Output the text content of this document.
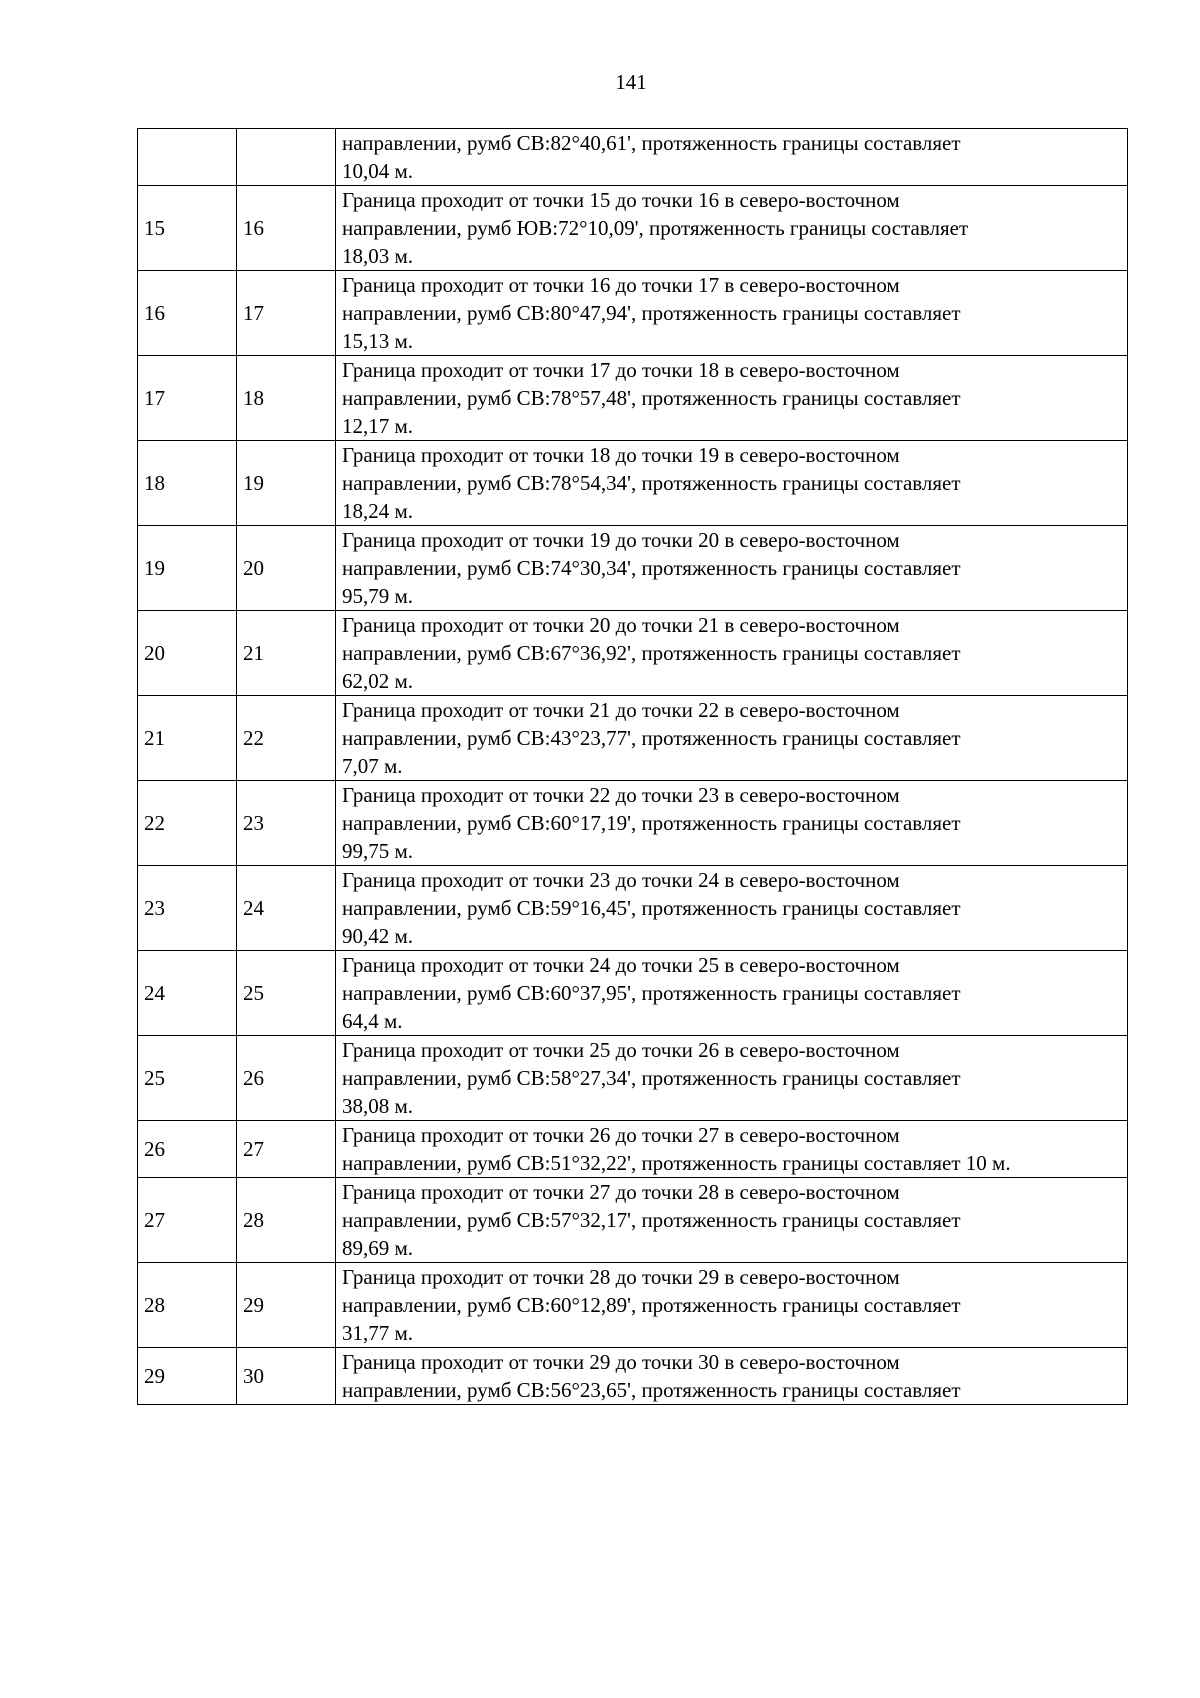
141

		направлении, румб СВ:82°40,61', протяженность границы составляет
10,04 м.

15	16	Граница проходит от точки 15 до точки 16 в северо-восточном
направлении, румб ЮВ:72°10,09', протяженность границы составляет
18,03 м.

16	17	Граница проходит от точки 16 до точки 17 в северо-восточном
направлении, румб СВ:80°47,94', протяженность границы составляет
15,13 м.

17	18	Граница проходит от точки 17 до точки 18 в северо-восточном
направлении, румб СВ:78°57,48', протяженность границы составляет
12,17 м.

18	19	Граница проходит от точки 18 до точки 19 в северо-восточном
направлении, румб СВ:78°54,34', протяженность границы составляет
18,24 м.

19	20	Граница проходит от точки 19 до точки 20 в северо-восточном
направлении, румб СВ:74°30,34', протяженность границы составляет
95,79 м.

20	21	Граница проходит от точки 20 до точки 21 в северо-восточном
направлении, румб СВ:67°36,92', протяженность границы составляет
62,02 м.

21	22	Граница проходит от точки 21 до точки 22 в северо-восточном
направлении, румб СВ:43°23,77', протяженность границы составляет
7,07 м.

22	23	Граница проходит от точки 22 до точки 23 в северо-восточном
направлении, румб СВ:60°17,19', протяженность границы составляет
99,75 м.

23	24	Граница проходит от точки 23 до точки 24 в северо-восточном
направлении, румб СВ:59°16,45', протяженность границы составляет
90,42 м.

24	25	Граница проходит от точки 24 до точки 25 в северо-восточном
направлении, румб СВ:60°37,95', протяженность границы составляет
64,4 м.

25	26	Граница проходит от точки 25 до точки 26 в северо-восточном
направлении, румб СВ:58°27,34', протяженность границы составляет
38,08 м.

26	27	Граница проходит от точки 26 до точки 27 в северо-восточном
направлении, румб СВ:51°32,22', протяженность границы составляет 10 м.

27	28	Граница проходит от точки 27 до точки 28 в северо-восточном
направлении, румб СВ:57°32,17', протяженность границы составляет
89,69 м.

28	29	Граница проходит от точки 28 до точки 29 в северо-восточном
направлении, румб СВ:60°12,89', протяженность границы составляет
31,77 м.

29	30	Граница проходит от точки 29 до точки 30 в северо-восточном
направлении, румб СВ:56°23,65', протяженность границы составляет
